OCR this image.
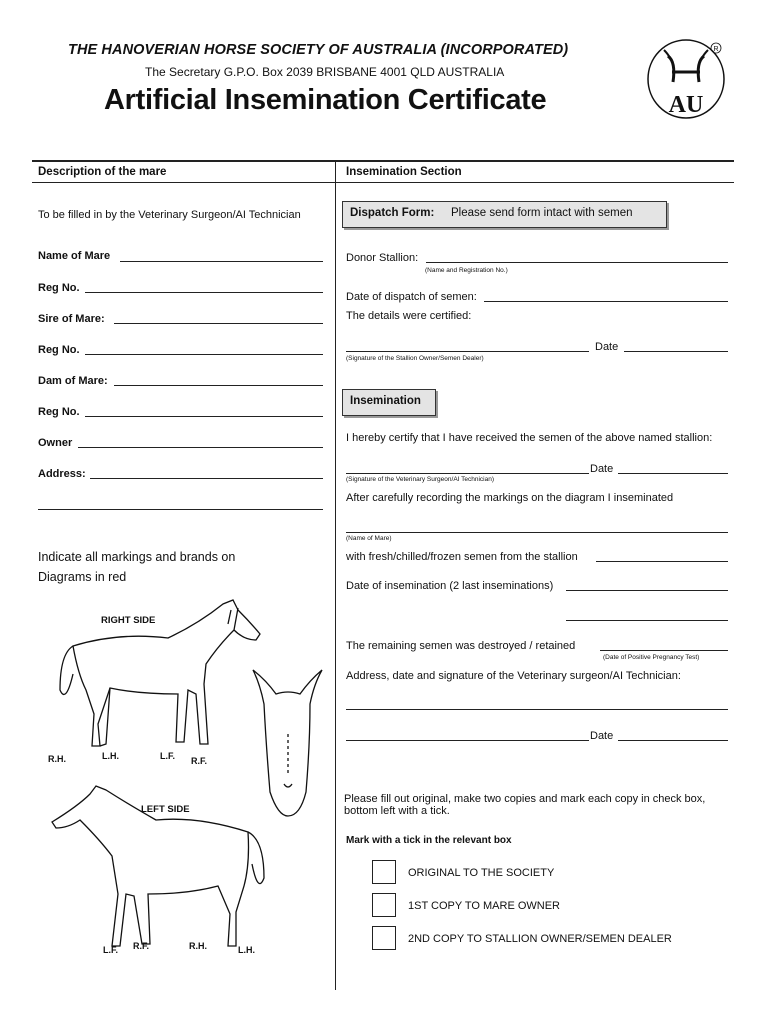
THE HANOVERIAN HORSE SOCIETY OF AUSTRALIA (INCORPORATED)
The Secretary G.P.O. Box 2039 BRISBANE 4001 QLD AUSTRALIA
Artificial Insemination Certificate	AU
R
Description of the mare
To be filled in by the Veterinary Surgeon/AI Technician
Name of Mare
Reg No.
Sire of Mare:
Reg No.
Dam of Mare:
Reg No.
Owner
Address:
Indicate all markings and brands on
Diagrams in red
RIGHT SIDE
LEFT SIDE
R.H.	L.H.	L.F. R.F.
L.F. R.F.	R.H.	L.H.
Insemination Section
Dispatch Form: Please send form intact with semen
Donor Stallion:
(Name and Registration No.)
Date of dispatch of semen:
The details were certified:
Date
(Signature of the Stallion Owner/Semen Dealer)
Insemination
I hereby certify that I have received the semen of the above named stallion:
Date
(Signature of the Veterinary Surgeon/AI Technician)
After carefully recording the markings on the diagram I inseminated
(Name of Mare)
with fresh/chilled/frozen semen from the stallion
Date of insemination (2 last inseminations)
The remaining semen was destroyed / retained
(Date of Positive Pregnancy Test)
Address, date and signature of the Veterinary surgeon/AI Technician:
Date
Please fill out original, make two copies and mark each copy in check box, bottom left with a tick.
Mark with a tick in the relevant box
ORIGINAL TO THE SOCIETY
1ST COPY TO MARE OWNER
2ND COPY TO STALLION OWNER/SEMEN DEALER
